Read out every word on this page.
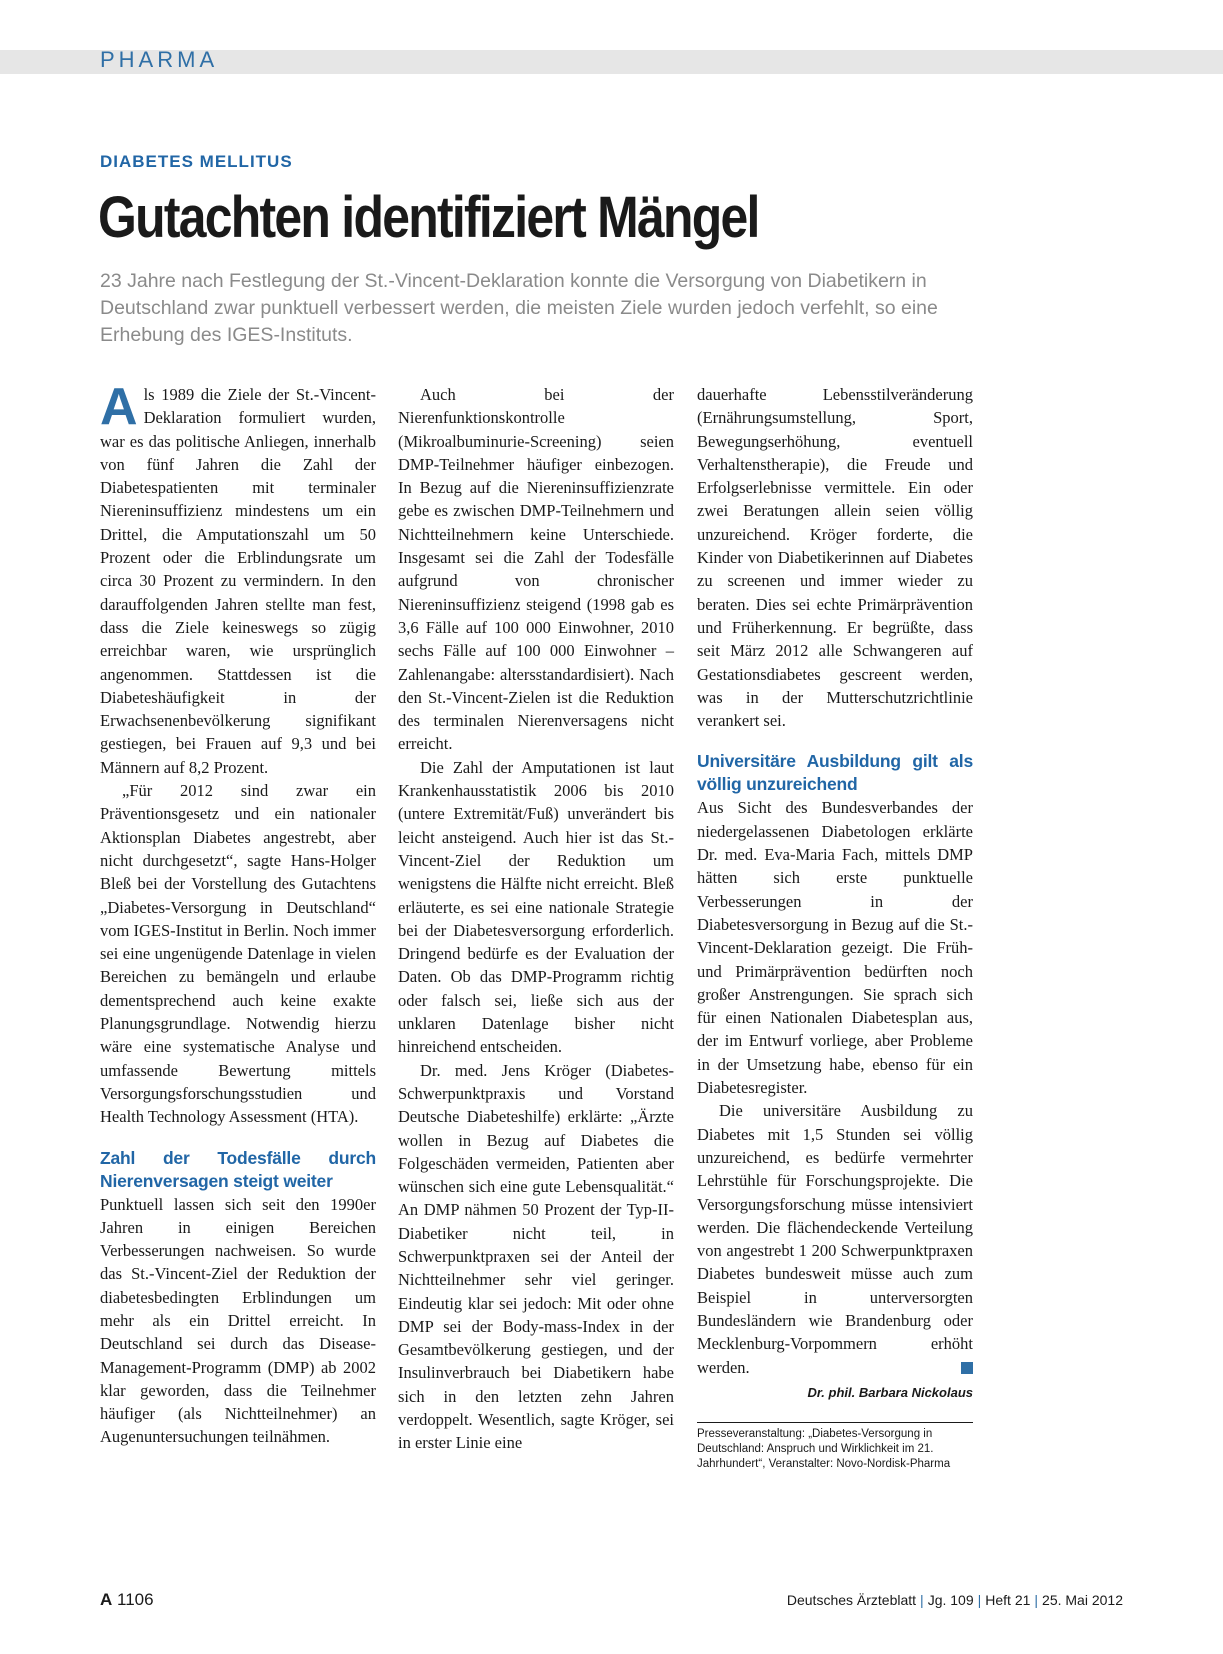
PHARMA
DIABETES MELLITUS
Gutachten identifiziert Mängel

23 Jahre nach Festlegung der St.-Vincent-Deklaration konnte die Versorgung von Diabetikern in Deutschland zwar punktuell verbessert werden, die meisten Ziele wurden jedoch verfehlt, so eine Erhebung des IGES-Instituts.

Als 1989 die Ziele der St.-Vincent-Deklaration formuliert wurden, war es das politische Anliegen, innerhalb von fünf Jahren die Zahl der Diabetespatienten mit terminaler Niereninsuffizienz mindestens um ein Drittel, die Amputationszahl um 50 Prozent oder die Erblindungsrate um circa 30 Prozent zu vermindern. In den darauffolgenden Jahren stellte man fest, dass die Ziele keineswegs so zügig erreichbar waren, wie ursprünglich angenommen. Stattdessen ist die Diabeteshäufigkeit in der Erwachsenenbevölkerung signifikant gestiegen, bei Frauen auf 9,3 und bei Männern auf 8,2 Prozent.

„Für 2012 sind zwar ein Präventionsgesetz und ein nationaler Aktionsplan Diabetes angestrebt, aber nicht durchgesetzt“, sagte Hans-Holger Bleß bei der Vorstellung des Gutachtens „Diabetes-Versorgung in Deutschland“ vom IGES-Institut in Berlin. Noch immer sei eine ungenügende Datenlage in vielen Bereichen zu bemängeln und erlaube dementsprechend auch keine exakte Planungsgrundlage. Notwendig hierzu wäre eine systematische Analyse und umfassende Bewertung mittels Versorgungsforschungsstudien und Health Technology Assessment (HTA).

Zahl der Todesfälle durch Nierenversagen steigt weiter

Punktuell lassen sich seit den 1990er Jahren in einigen Bereichen Verbesserungen nachweisen. So wurde das St.-Vincent-Ziel der Reduktion der diabetesbedingten Erblindungen um mehr als ein Drittel erreicht. In Deutschland sei durch das Disease-Management-Programm (DMP) ab 2002 klar geworden, dass die Teilnehmer häufiger (als Nichtteilnehmer) an Augenuntersuchungen teilnähmen.

Auch bei der Nierenfunktionskontrolle (Mikroalbuminurie-Screening) seien DMP-Teilnehmer häufiger einbezogen. In Bezug auf die Niereninsuffizienzrate gebe es zwischen DMP-Teilnehmern und Nichtteilnehmern keine Unterschiede. Insgesamt sei die Zahl der Todesfälle aufgrund von chronischer Niereninsuffizienz steigend (1998 gab es 3,6 Fälle auf 100 000 Einwohner, 2010 sechs Fälle auf 100 000 Einwohner – Zahlenangabe: altersstandardisiert). Nach den St.-Vincent-Zielen ist die Reduktion des terminalen Nierenversagens nicht erreicht.

Die Zahl der Amputationen ist laut Krankenhausstatistik 2006 bis 2010 (untere Extremität/Fuß) unverändert bis leicht ansteigend. Auch hier ist das St.-Vincent-Ziel der Reduktion um wenigstens die Hälfte nicht erreicht. Bleß erläuterte, es sei eine nationale Strategie bei der Diabetesversorgung erforderlich. Dringend bedürfe es der Evaluation der Daten. Ob das DMP-Programm richtig oder falsch sei, ließe sich aus der unklaren Datenlage bisher nicht hinreichend entscheiden.

Dr. med. Jens Kröger (Diabetes-Schwerpunktpraxis und Vorstand Deutsche Diabeteshilfe) erklärte: „Ärzte wollen in Bezug auf Diabetes die Folgeschäden vermeiden, Patienten aber wünschen sich eine gute Lebensqualität.“ An DMP nähmen 50 Prozent der Typ-II-Diabetiker nicht teil, in Schwerpunktpraxen sei der Anteil der Nichtteilnehmer sehr viel geringer. Eindeutig klar sei jedoch: Mit oder ohne DMP sei der Body-mass-Index in der Gesamtbevölkerung gestiegen, und der Insulinverbrauch bei Diabetikern habe sich in den letzten zehn Jahren verdoppelt. Wesentlich, sagte Kröger, sei in erster Linie eine

dauerhafte Lebensstilveränderung (Ernährungsumstellung, Sport, Bewegungserhöhung, eventuell Verhaltenstherapie), die Freude und Erfolgserlebnisse vermittele. Ein oder zwei Beratungen allein seien völlig unzureichend. Kröger forderte, die Kinder von Diabetikerinnen auf Diabetes zu screenen und immer wieder zu beraten. Dies sei echte Primärprävention und Früherkennung. Er begrüßte, dass seit März 2012 alle Schwangeren auf Gestationsdiabetes gescreent werden, was in der Mutterschutzrichtlinie verankert sei.

Universitäre Ausbildung gilt als völlig unzureichend

Aus Sicht des Bundesverbandes der niedergelassenen Diabetologen erklärte Dr. med. Eva-Maria Fach, mittels DMP hätten sich erste punktuelle Verbesserungen in der Diabetesversorgung in Bezug auf die St.-Vincent-Deklaration gezeigt. Die Früh- und Primärprävention bedürften noch großer Anstrengungen. Sie sprach sich für einen Nationalen Diabetesplan aus, der im Entwurf vorliege, aber Probleme in der Umsetzung habe, ebenso für ein Diabetesregister.

Die universitäre Ausbildung zu Diabetes mit 1,5 Stunden sei völlig unzureichend, es bedürfe vermehrter Lehrstühle für Forschungsprojekte. Die Versorgungsforschung müsse intensiviert werden. Die flächendeckende Verteilung von angestrebt 1 200 Schwerpunktpraxen Diabetes bundesweit müsse auch zum Beispiel in unterversorgten Bundesländern wie Brandenburg oder Mecklenburg-Vorpommern erhöht werden.

Dr. phil. Barbara Nickolaus
Presseveranstaltung: „Diabetes-Versorgung in Deutschland: Anspruch und Wirklichkeit im 21. Jahrhundert“, Veranstalter: Novo-Nordisk-Pharma
A 1106	Deutsches Ärzteblatt | Jg. 109 | Heft 21 | 25. Mai 2012
